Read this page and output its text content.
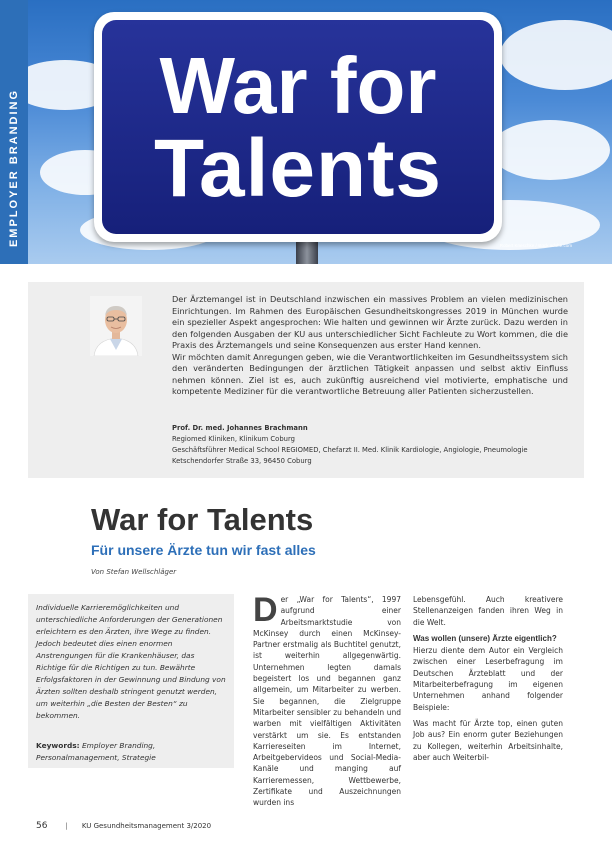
War for
Talents
Robert Kneschke / stock.adobe.com
EMPLOYER BRANDING

Der Ärztemangel ist in Deutschland inzwischen ein massives Problem an vielen medizinischen Einrichtungen. Im Rahmen des Europäischen Gesundheitskongresses 2019 in München wurde ein spezieller Aspekt angesprochen: Wie halten und gewinnen wir Ärzte zurück. Dazu werden in den folgenden Ausgaben der KU aus unterschiedlicher Sicht Fachleute zu Wort kommen, die die Praxis des Ärztemangels und seine Konsequenzen aus erster Hand kennen.

Wir möchten damit Anregungen geben, wie die Verantwortlichkeiten im Gesundheitssystem sich den veränderten Bedingungen der ärztlichen Tätigkeit anpassen und selbst aktiv Einfluss nehmen können. Ziel ist es, auch zukünftig ausreichend viel motivierte, emphatische und kompetente Mediziner für die verantwortliche Betreuung aller Patienten sicherzustellen.

Prof. Dr. med. Johannes Brachmann
Regiomed Kliniken, Klinikum Coburg
Geschäftsführer Medical School REGIOMED, Chefarzt II. Med. Klinik Kardiologie, Angiologie, Pneumologie
Ketschendorfer Straße 33, 96450 Coburg
War for Talents
Für unsere Ärzte tun wir fast alles
Von Stefan Wellschläger
Individuelle Karrieremöglichkeiten und unterschiedliche Anforderungen der Generationen erleichtern es den Ärzten, ihre Wege zu finden. Jedoch bedeutet dies einen enormen Anstrengungen für die Krankenhäuser, das Richtige für die Richtigen zu tun. Bewährte Erfolgsfaktoren in der Gewinnung und Bindung von Ärzten sollten deshalb stringent genutzt werden, um weiterhin „die Besten der Besten“ zu bekommen.
Keywords: Employer Branding, Personalmanagement, Strategie
Der „War for Talents“, 1997 aufgrund einer Arbeitsmarktstudie von McKinsey durch einen McKinsey-Partner erstmalig als Buchtitel genutzt, ist weiterhin allgegenwärtig. Unternehmen legten damals begeistert los und begannen ganz allgemein, um Mitarbeiter zu werben. Sie begannen, die Zielgruppe Mitarbeiter sensibler zu behandeln und warben mit vielfältigen Aktivitäten verstärkt um sie. Es entstanden Karriereseiten im Internet, Arbeitgebervideos und Social-Media-Kanäle und manging auf Karrieremessen, Wettbewerbe, Zertifikate und Auszeichnungen wurden ins

Lebensgefühl. Auch kreativere Stellenanzeigen fanden ihren Weg in die Welt.

Was wollen (unsere) Ärzte eigentlich?

Hierzu diente dem Autor ein Vergleich zwischen einer Leserbefragung im Deutschen Ärzteblatt und der Mitarbeiterbefragung im eigenen Unternehmen anhand folgender Beispiele:

Was macht für Ärzte top, einen guten Job aus? Ein enorm guter Beziehungen zu Kollegen, weiterhin Arbeitsinhalte, aber auch Weiterbil-

56	| KU Gesundheitsmanagement 3/2020
